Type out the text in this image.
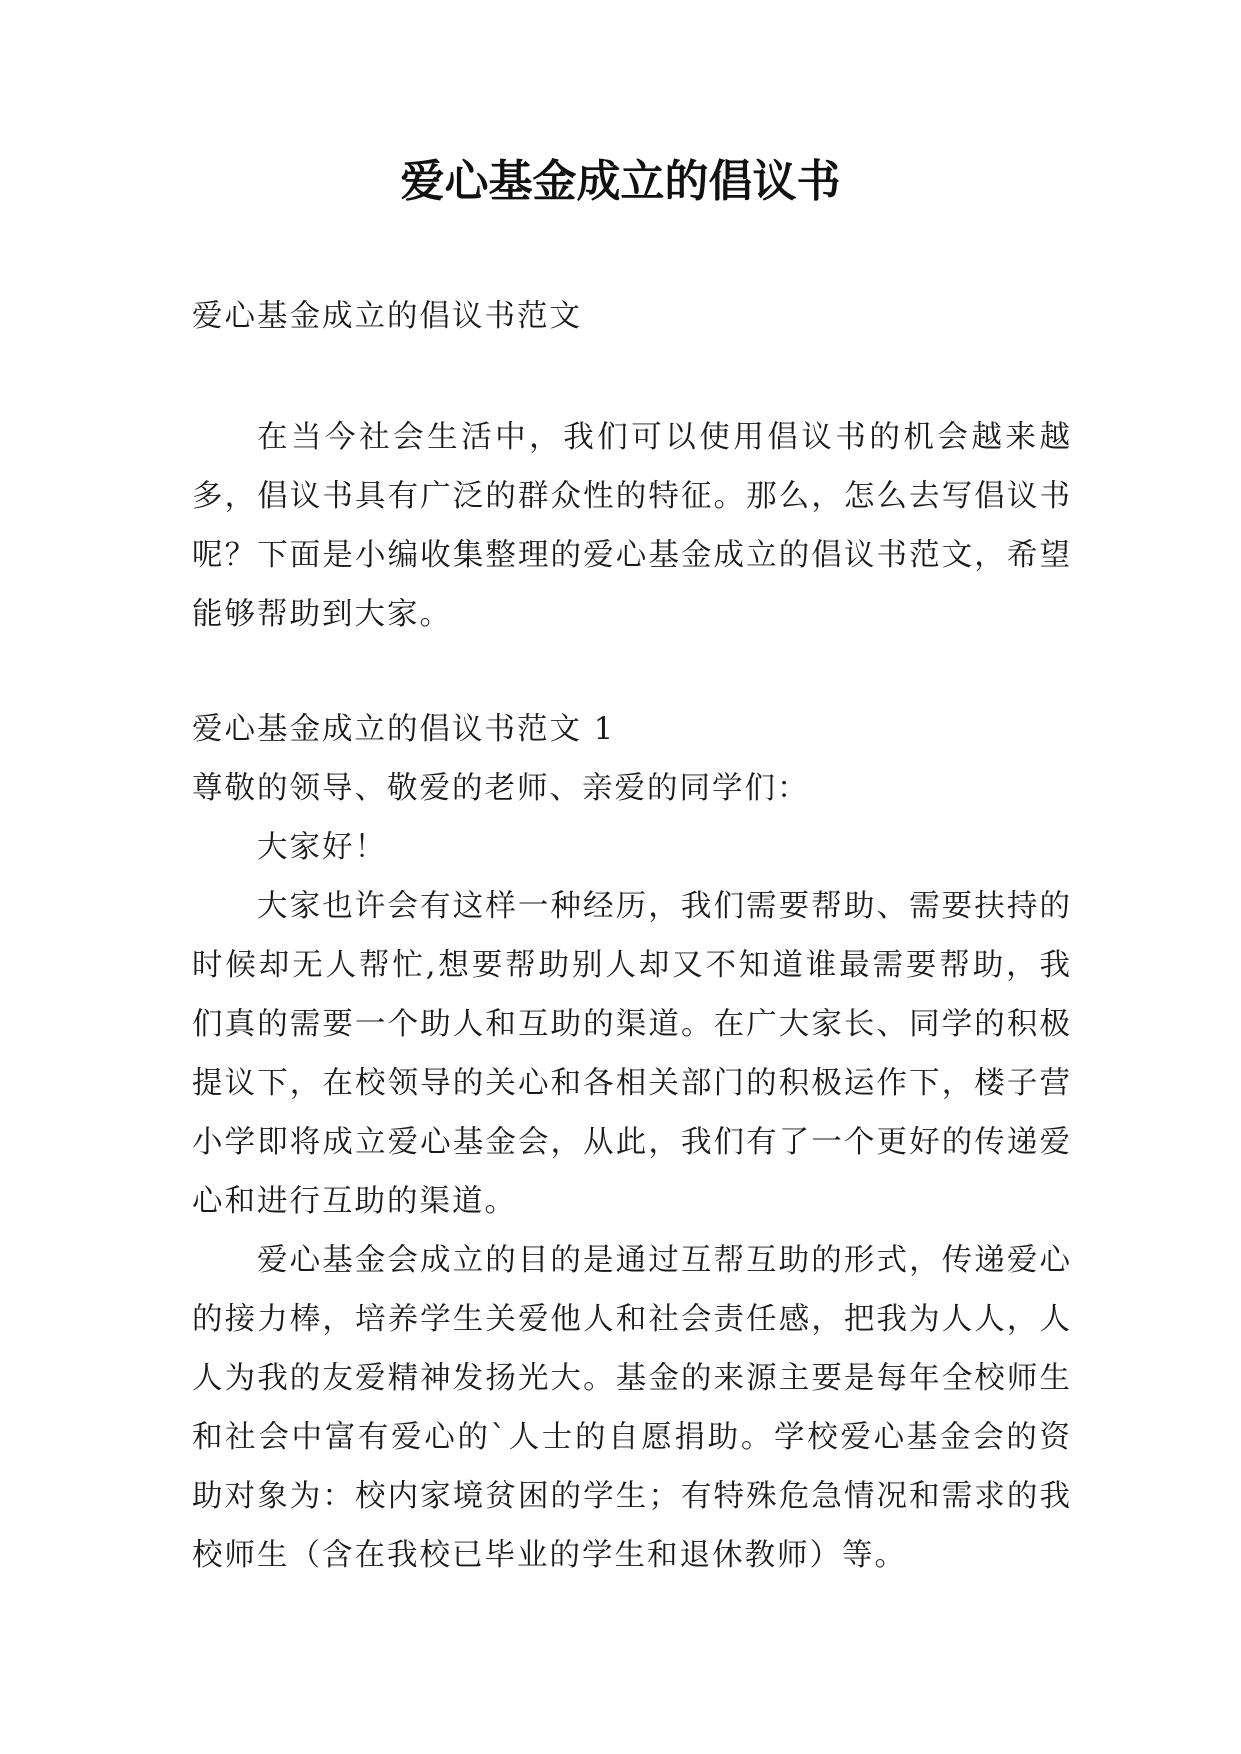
爱心基金成立的倡议书
爱心基金成立的倡议书范文
在当今社会生活中，我们可以使用倡议书的机会越来越多，倡议书具有广泛的群众性的特征。那么，怎么去写倡议书呢？下面是小编收集整理的爱心基金成立的倡议书范文，希望能够帮助到大家。

爱心基金成立的倡议书范文 1

尊敬的领导、敬爱的老师、亲爱的同学们：

大家好！

大家也许会有这样一种经历，我们需要帮助、需要扶持的时候却无人帮忙,想要帮助别人却又不知道谁最需要帮助，我们真的需要一个助人和互助的渠道。在广大家长、同学的积极提议下，在校领导的关心和各相关部门的积极运作下，楼子营小学即将成立爱心基金会，从此，我们有了一个更好的传递爱心和进行互助的渠道。

爱心基金会成立的目的是通过互帮互助的形式，传递爱心的接力棒，培养学生关爱他人和社会责任感，把我为人人，人人为我的友爱精神发扬光大。基金的来源主要是每年全校师生和社会中富有爱心的`人士的自愿捐助。学校爱心基金会的资助对象为：校内家境贫困的学生；有特殊危急情况和需求的我校师生（含在我校已毕业的学生和退休教师）等。
